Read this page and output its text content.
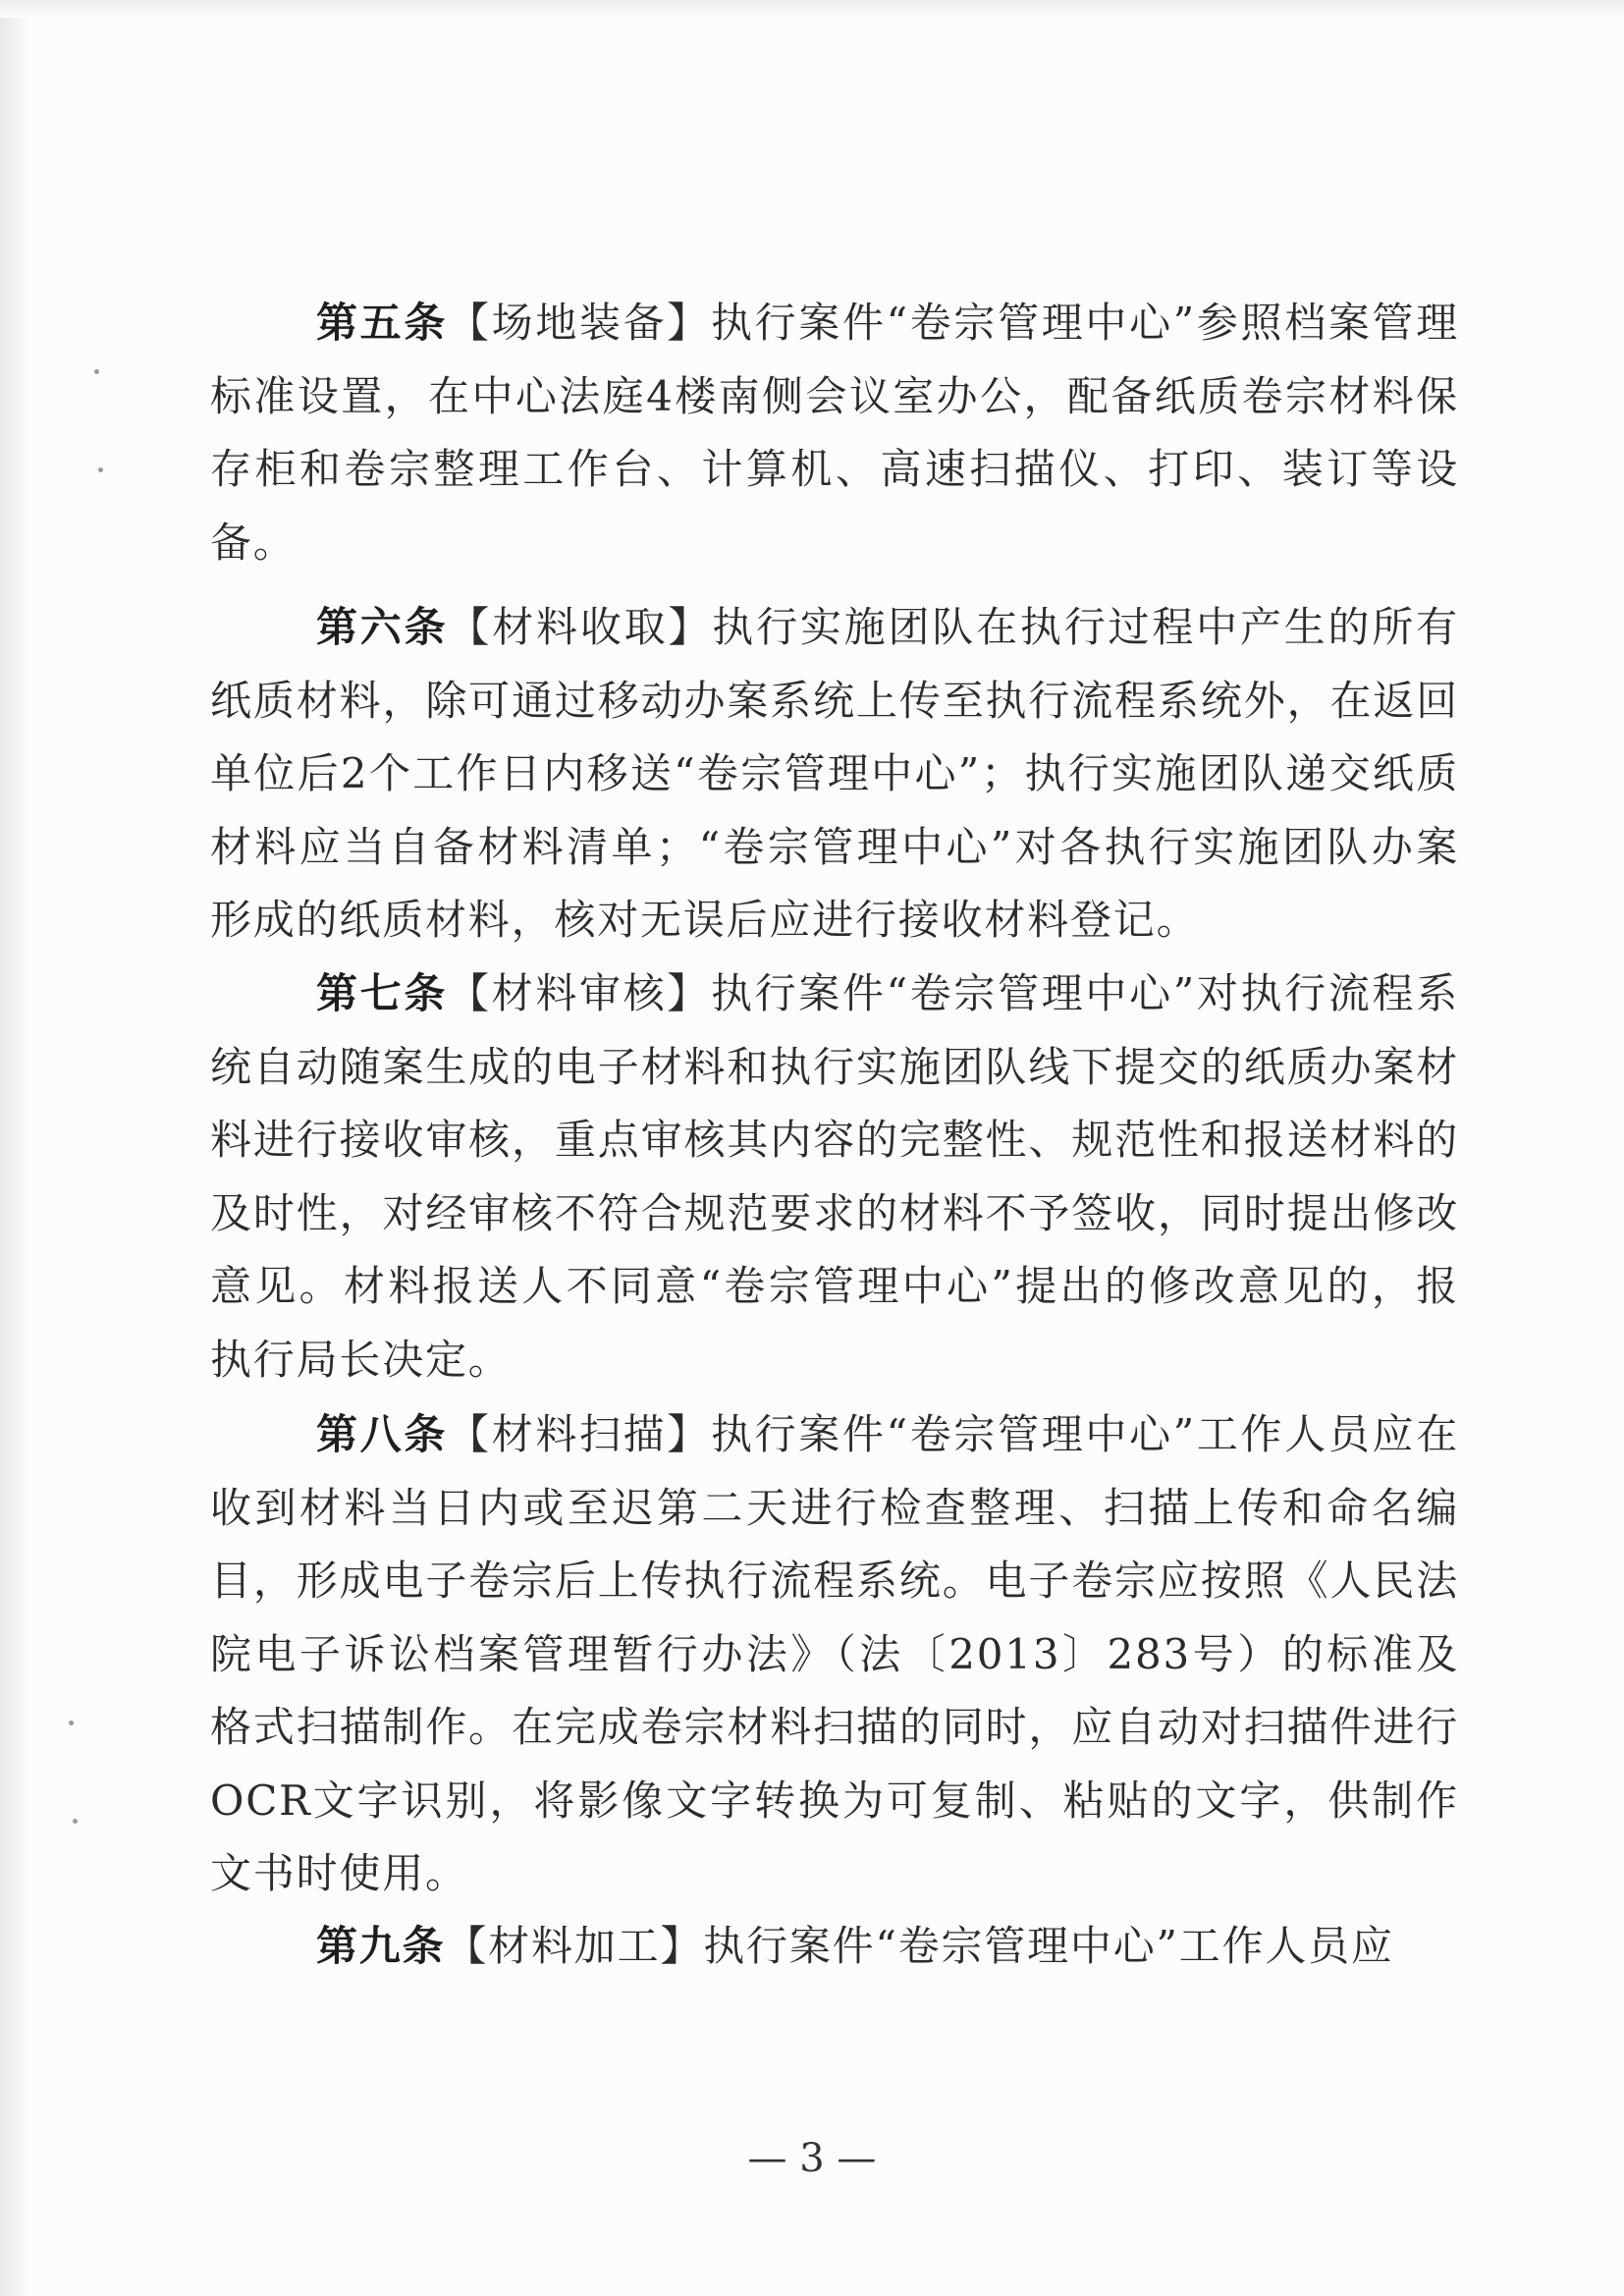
第五条【场地装备】执行案件“卷宗管理中心”参照档案管理标准设置，在中心法庭4楼南侧会议室办公，配备纸质卷宗材料保存柜和卷宗整理工作台、计算机、高速扫描仪、打印、装订等设备。

第六条【材料收取】执行实施团队在执行过程中产生的所有纸质材料，除可通过移动办案系统上传至执行流程系统外，在返回单位后2个工作日内移送“卷宗管理中心”；执行实施团队递交纸质材料应当自备材料清单；“卷宗管理中心”对各执行实施团队办案形成的纸质材料，核对无误后应进行接收材料登记。

第七条【材料审核】执行案件“卷宗管理中心”对执行流程系统自动随案生成的电子材料和执行实施团队线下提交的纸质办案材料进行接收审核，重点审核其内容的完整性、规范性和报送材料的及时性，对经审核不符合规范要求的材料不予签收，同时提出修改意见。材料报送人不同意“卷宗管理中心”提出的修改意见的，报执行局长决定。

第八条【材料扫描】执行案件“卷宗管理中心”工作人员应在收到材料当日内或至迟第二天进行检查整理、扫描上传和命名编目，形成电子卷宗后上传执行流程系统。电子卷宗应按照《人民法院电子诉讼档案管理暂行办法》（法〔2013〕283号）的标准及格式扫描制作。在完成卷宗材料扫描的同时，应自动对扫描件进行OCR文字识别，将影像文字转换为可复制、粘贴的文字，供制作文书时使用。

第九条【材料加工】执行案件“卷宗管理中心”工作人员应

— 3 —
